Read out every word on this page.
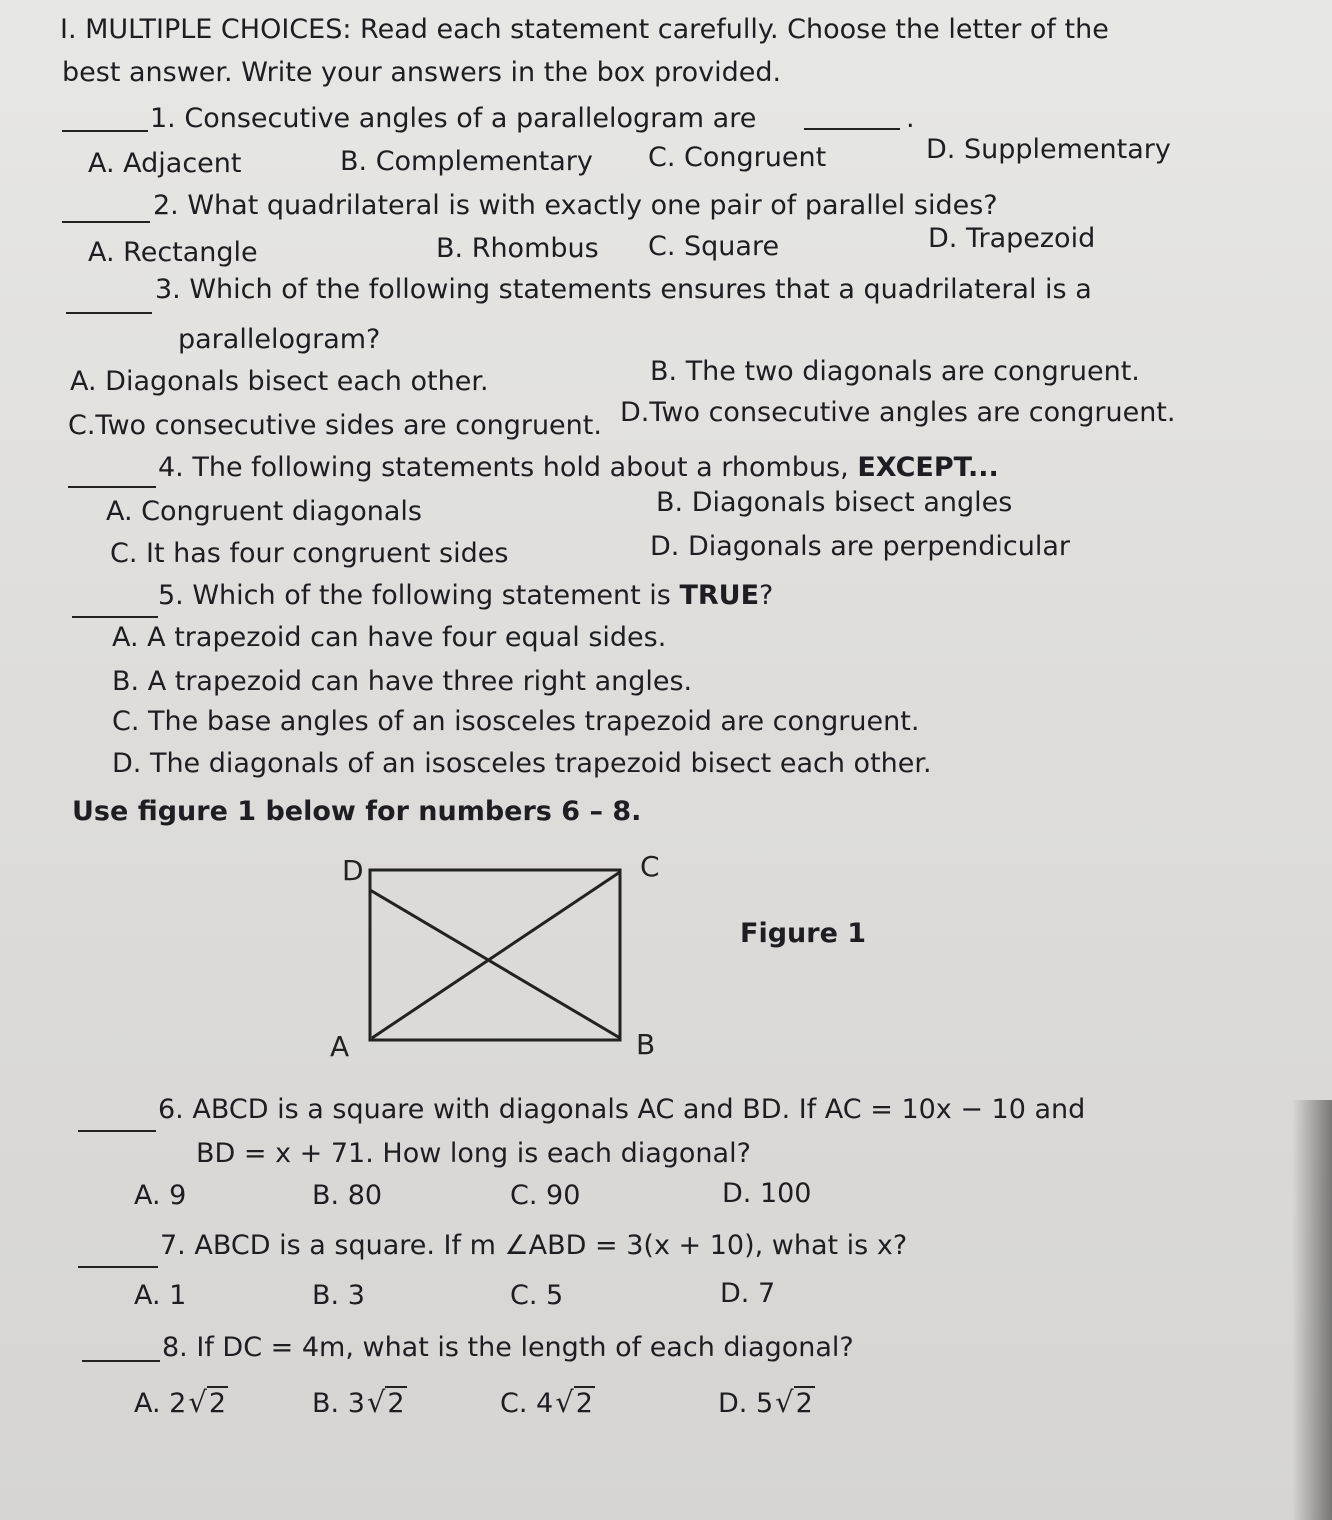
I. MULTIPLE CHOICES: Read each statement carefully. Choose the letter of the
best answer. Write your answers in the box provided.
1. Consecutive angles of a parallelogram are	.
A. Adjacent	B. Complementary C. Congruent	D. Supplementary
2. What quadrilateral is with exactly one pair of parallel sides?
A. Rectangle	B. Rhombus C. Square	D. Trapezoid
3. Which of the following statements ensures that a quadrilateral is a
parallelogram?
A. Diagonals bisect each other.	B. The two diagonals are congruent.
C.Two consecutive sides are congruent. D.Two consecutive angles are congruent.
4. The following statements hold about a rhombus, EXCEPT...
A. Congruent diagonals	B. Diagonals bisect angles
C. It has four congruent sides	D. Diagonals are perpendicular
5. Which of the following statement is TRUE?
A. A trapezoid can have four equal sides.
B. A trapezoid can have three right angles.
C. The base angles of an isosceles trapezoid are congruent.
D. The diagonals of an isosceles trapezoid bisect each other.
Use figure 1 below for numbers 6 – 8.
D	C
A	B
Figure 1
6. ABCD is a square with diagonals AC and BD. If AC = 10x − 10 and
BD = x + 71. How long is each diagonal?
A. 9	B. 80	C. 90	D. 100
7. ABCD is a square. If m ∠ABD = 3(x + 10), what is x?
A. 1	B. 3	C. 5	D. 7
8. If DC = 4m, what is the length of each diagonal?
A. 2√2	B. 3√2	C. 4√2	D. 5√2
